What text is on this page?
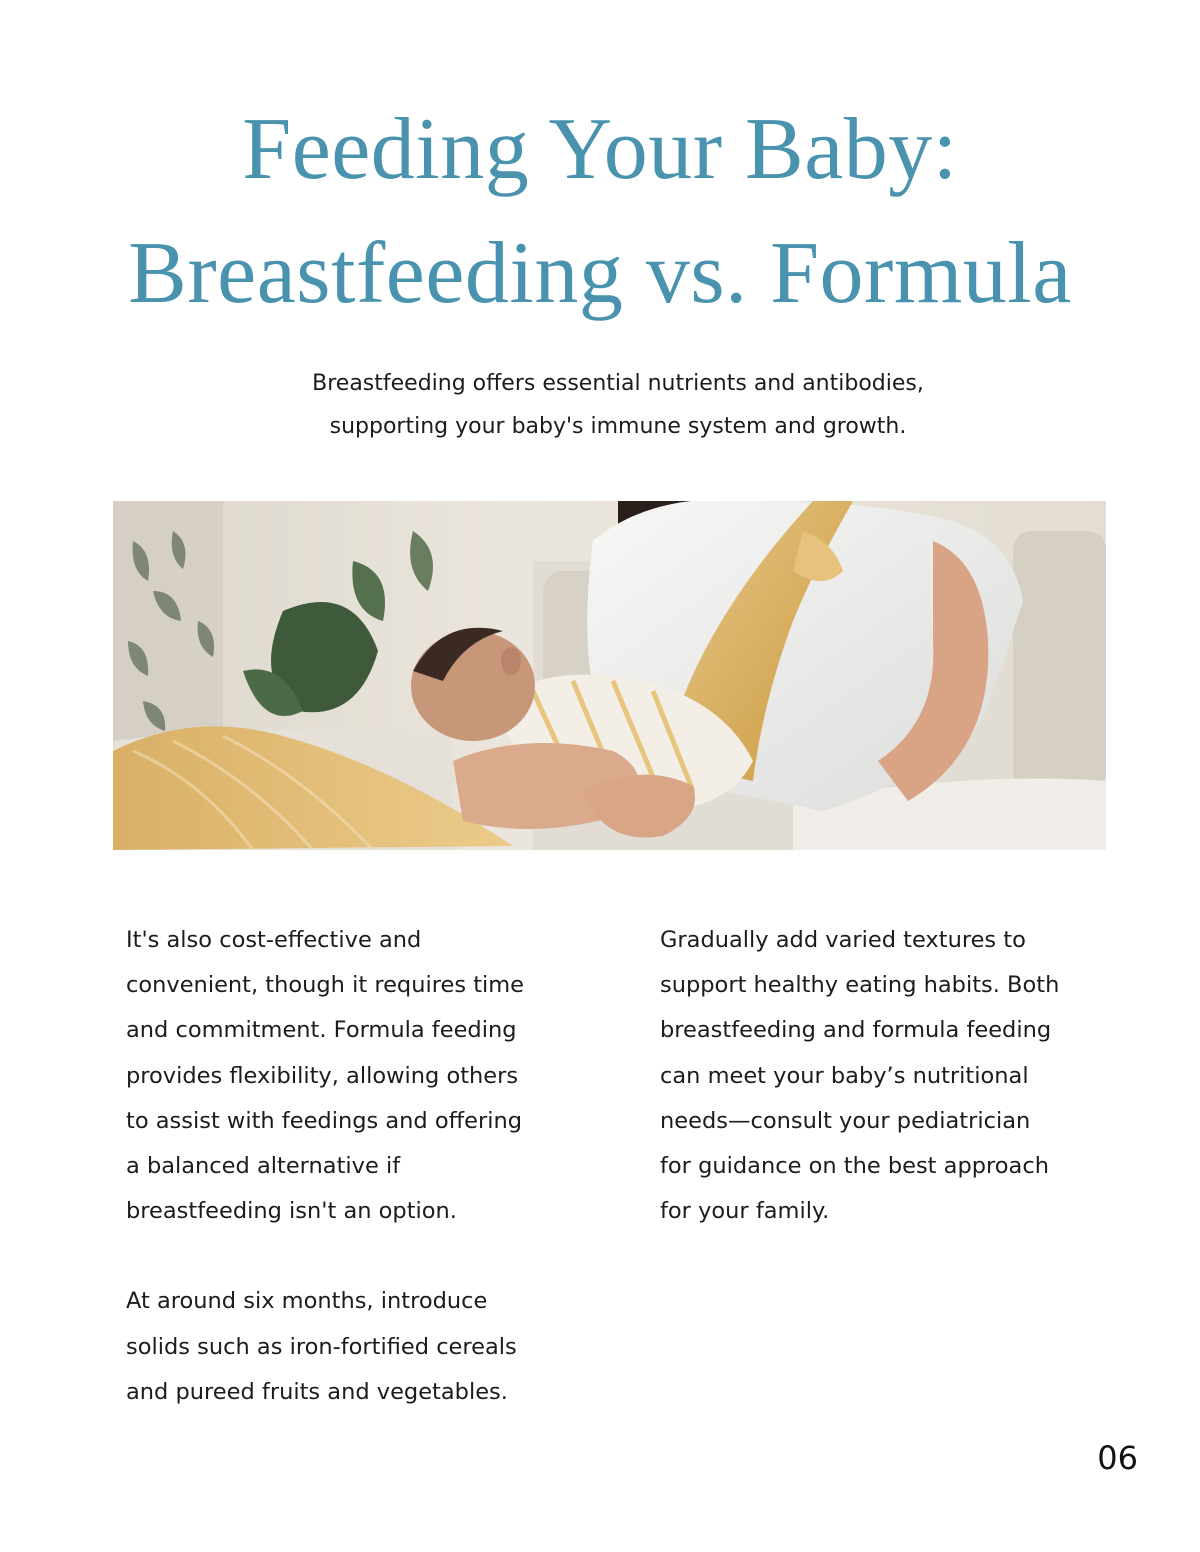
Feeding Your Baby:
Breastfeeding vs. Formula

Breastfeeding offers essential nutrients and antibodies,
supporting your baby's immune system and growth.

It's also cost-effective and
convenient, though it requires time
and commitment. Formula feeding
provides flexibility, allowing others
to assist with feedings and offering
a balanced alternative if
breastfeeding isn't an option.

At around six months, introduce
solids such as iron-fortified cereals
and pureed fruits and vegetables.

Gradually add varied textures to
support healthy eating habits. Both
breastfeeding and formula feeding
can meet your baby’s nutritional
needs—consult your pediatrician
for guidance on the best approach
for your family.

06
